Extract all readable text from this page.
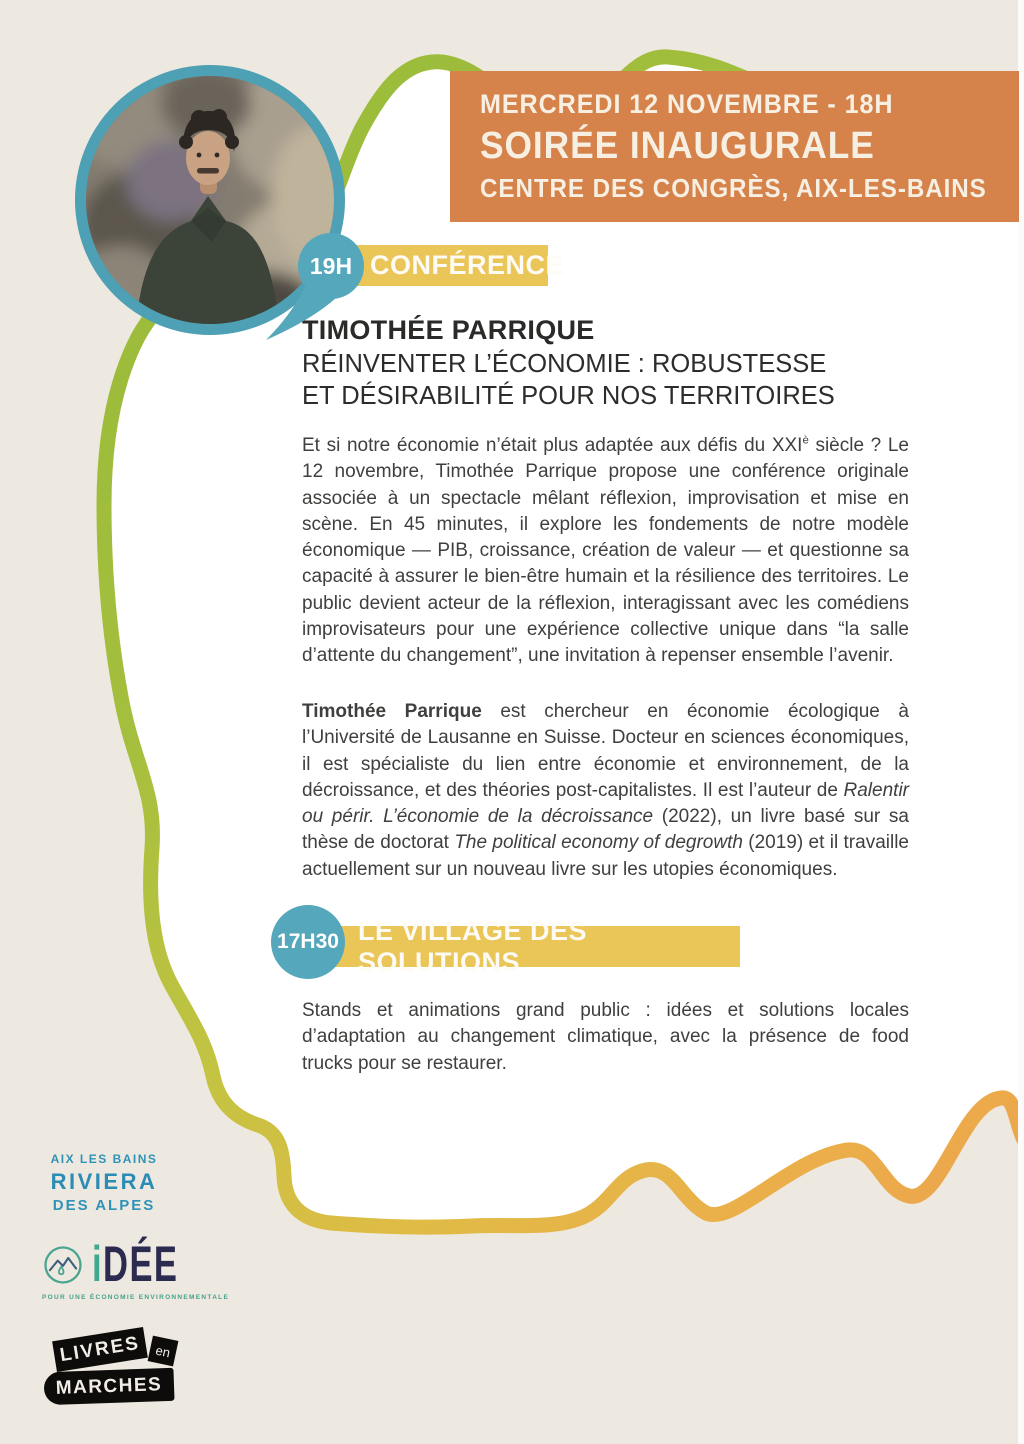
MERCREDI 12 NOVEMBRE - 18H
SOIRÉE INAUGURALE
CENTRE DES CONGRÈS, AIX-LES-BAINS
CONFÉRENCE
19H
TIMOTHÉE PARRIQUE
RÉINVENTER L’ÉCONOMIE : ROBUSTESSE
ET DÉSIRABILITÉ POUR NOS TERRITOIRES

Et si notre économie n’était plus adaptée aux défis du $XXI^è$ siècle ? Le 12 novembre, Timothée Parrique propose une conférence originale associée à un spectacle mêlant réflexion, improvisation et mise en scène. En 45 minutes, il explore les fondements de notre modèle économique — PIB, croissance, création de valeur — et questionne sa capacité à assurer le bien-être humain et la résilience des territoires. Le public devient acteur de la réflexion, interagissant avec les comédiens improvisateurs pour une expérience collective unique dans “la salle d’attente du changement”, une invitation à repenser ensemble l’avenir.

Timothée Parrique est chercheur en économie écologique à l’Université de Lausanne en Suisse. Docteur en sciences économiques, il est spécialiste du lien entre économie et environnement, de la décroissance, et des théories post-capitalistes. Il est l’auteur de Ralentir ou périr. L’économie de la décroissance (2022), un livre basé sur sa thèse de doctorat The political economy of degrowth (2019) et il travaille actuellement sur un nouveau livre sur les utopies économiques.

LE VILLAGE DES SOLUTIONS
17H30

Stands et animations grand public : idées et solutions locales d’adaptation au changement climatique, avec la présence de food trucks pour se restaurer.

AIX LES BAINS
RIVIERA
DES ALPES
iDÉE
POUR UNE ÉCONOMIE ENVIRONNEMENTALE
LIVRES en
MARCHES
